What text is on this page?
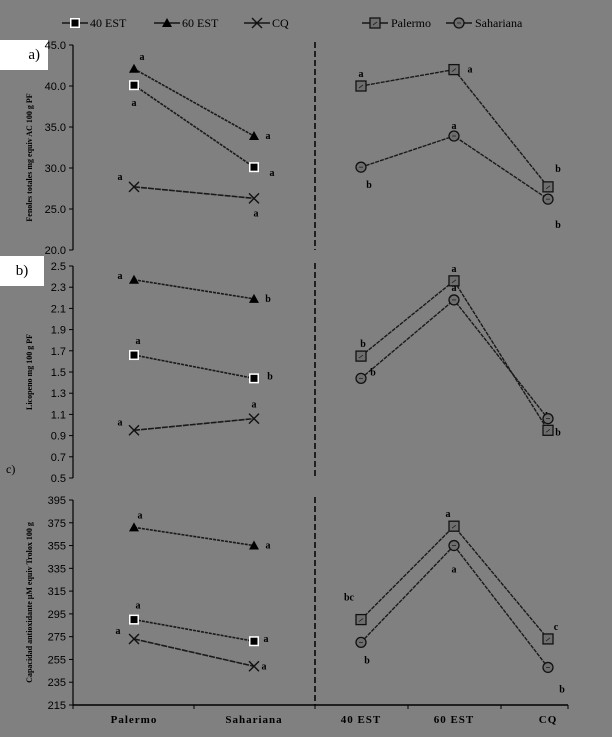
a)
b)
c)
40 EST	60 EST	CQ	Palermo	Sahariana
20.0
25.0
30.0
35.0
40.0
45.0
Fenoles totales mg equiv AC 100 g PF	a
a
a
a
a
a
a	a
b
b
a
b
0.5
0.7
0.9
1.1
1.3
1.5
1.7
1.9
2.1
2.3
2.5
Licopeno mg 100 g PF	a
b
a
b
a
a
b
a
b
a
b
215
235
255
275
295
315
335
355
375
395
Capacidad antioxidante µM equiv Trolox 100 g	a
a
a
a
a
a
bc
a
c
b
a
b
Palermo	Sahariana	40 EST	60 EST	CQ
